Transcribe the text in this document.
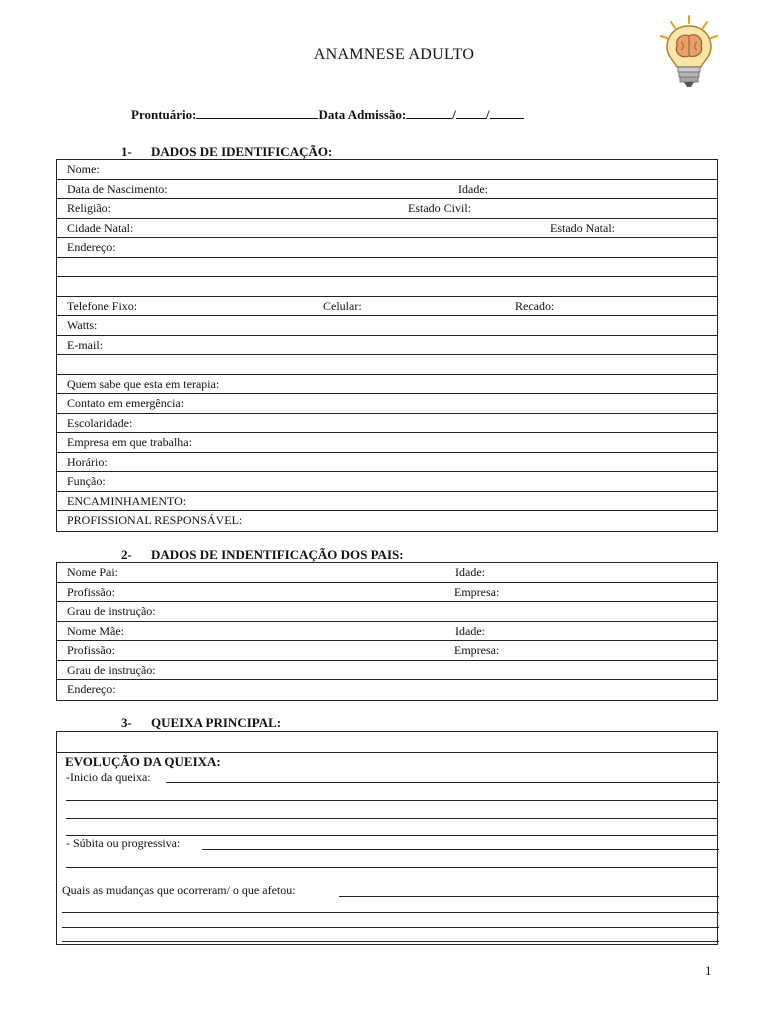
ANAMNESE ADULTO
Prontuário:	Data Admissão:	/ /
1- DADOS DE IDENTIFICAÇÃO:
Nome:
Data de Nascimento:	Idade:
Religião:	Estado Civil:
Cidade Natal:	Estado Natal:
Endereço:
Telefone Fixo:	Celular:	Recado:
Watts:
E-mail:
Quem sabe que esta em terapia:
Contato em emergência:
Escolaridade:
Empresa em que trabalha:
Horário:
Função:
ENCAMINHAMENTO:
PROFISSIONAL RESPONSÁVEL:
2- DADOS DE INDENTIFICAÇÃO DOS PAIS:
Nome Pai:	Idade:
Profissão:	Empresa:
Grau de instrução:
Nome Mãe:	Idade:
Profissão:	Empresa:
Grau de instrução:
Endereço:
3- QUEIXA PRINCIPAL:
EVOLUÇÃO DA QUEIXA:
-Inicio da queixa:
- Súbita ou progressiva:
Quais as mudanças que ocorreram/ o que afetou:
1
